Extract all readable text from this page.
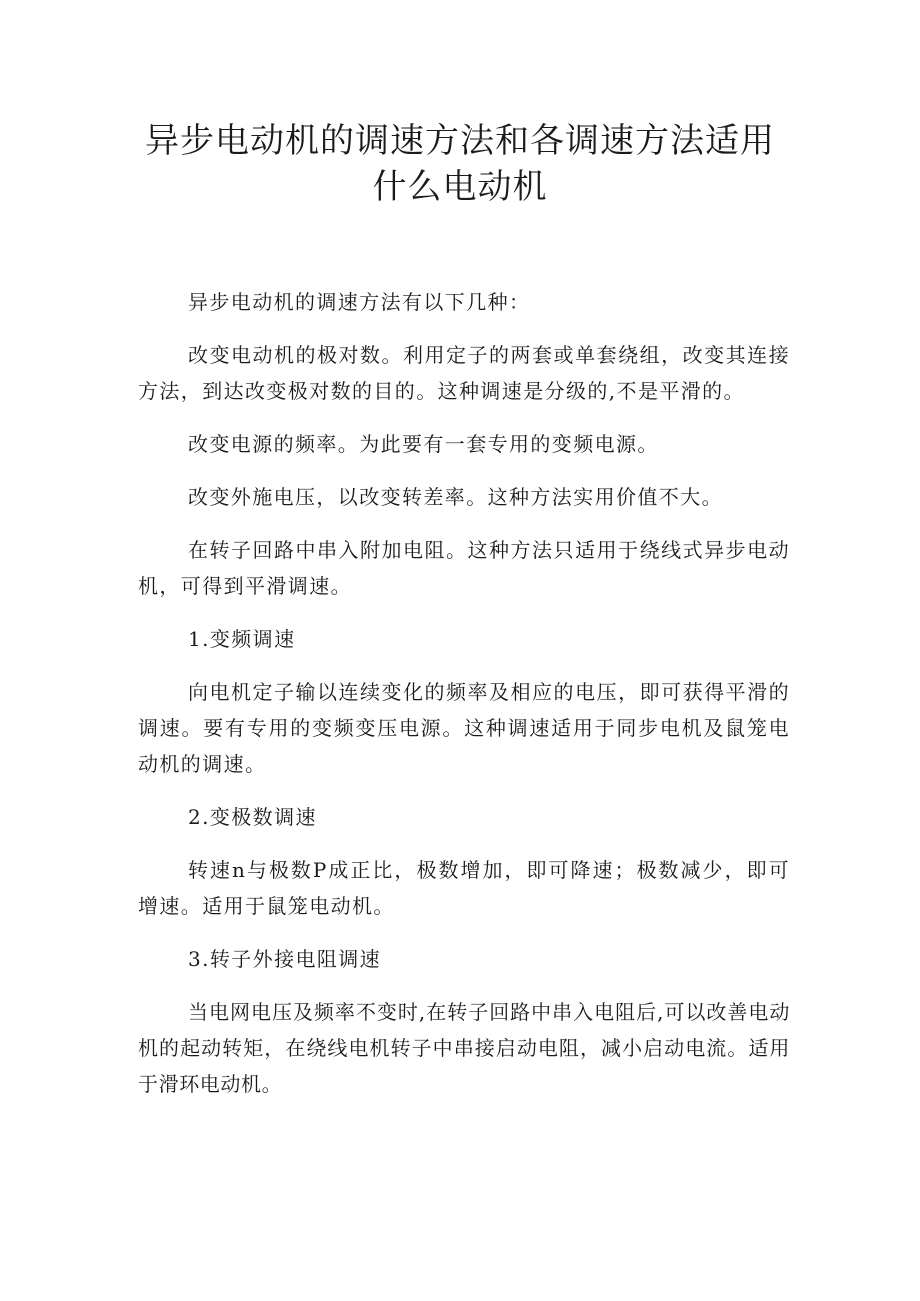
异步电动机的调速方法和各调速方法适用
什么电动机

异步电动机的调速方法有以下几种：

改变电动机的极对数。利用定子的两套或单套绕组，改变其连接方法，到达改变极对数的目的。这种调速是分级的,不是平滑的。

改变电源的频率。为此要有一套专用的变频电源。

改变外施电压，以改变转差率。这种方法实用价值不大。

在转子回路中串入附加电阻。这种方法只适用于绕线式异步电动机，可得到平滑调速。

1.变频调速

向电机定子输以连续变化的频率及相应的电压，即可获得平滑的调速。要有专用的变频变压电源。这种调速适用于同步电机及鼠笼电动机的调速。

2.变极数调速

转速n与极数P成正比，极数增加，即可降速；极数减少，即可增速。适用于鼠笼电动机。

3.转子外接电阻调速

当电网电压及频率不变时,在转子回路中串入电阻后,可以改善电动机的起动转矩，在绕线电机转子中串接启动电阻，减小启动电流。适用于滑环电动机。
